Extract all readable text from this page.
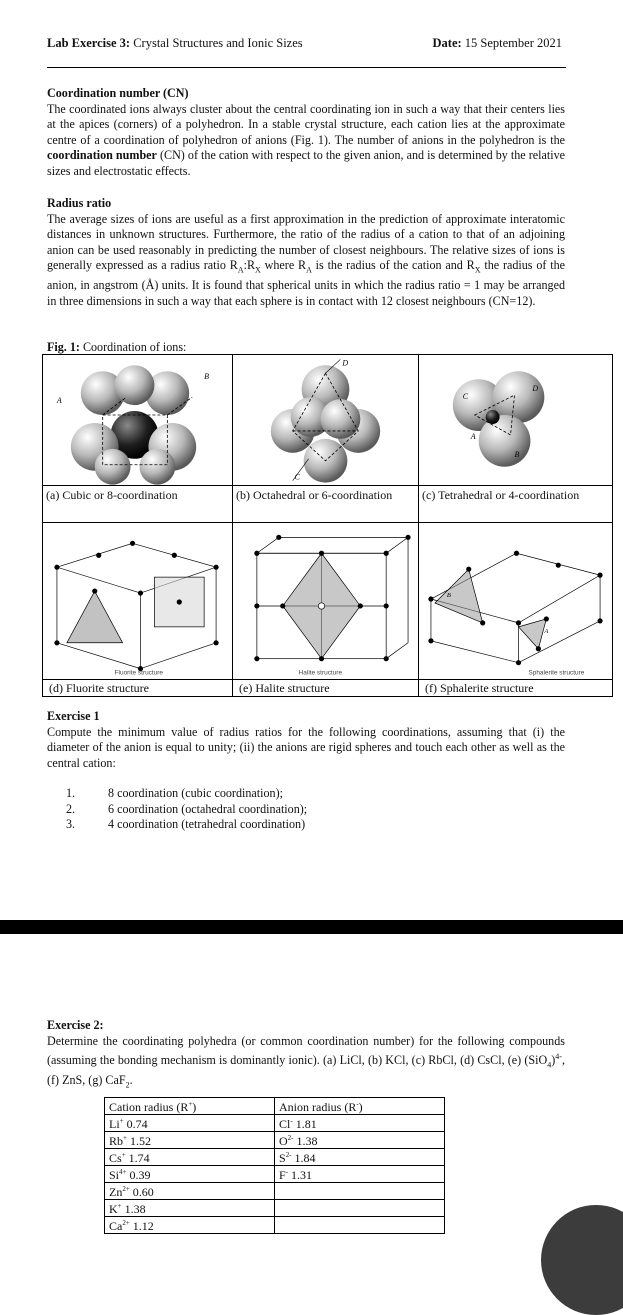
Lab Exercise 3: Crystal Structures and Ionic Sizes	Date: 15 September 2021
Coordination number (CN)

The coordinated ions always cluster about the central coordinating ion in such a way that their centers lies at the apices (corners) of a polyhedron. In a stable crystal structure, each cation lies at the approximate centre of a coordination of polyhedron of anions (Fig. 1). The number of anions in the polyhedron is the coordination number (CN) of the cation with respect to the given anion, and is determined by the relative sizes and electrostatic effects.

Radius ratio

The average sizes of ions are useful as a first approximation in the prediction of approximate interatomic distances in unknown structures. Furthermore, the ratio of the radius of a cation to that of an adjoining anion can be used reasonably in predicting the number of closest neighbours. The relative sizes of ions is generally expressed as a radius ratio $R_A:R_X$ where $R_A$ is the radius of the cation and $R_X$ the radius of the anion, in angstrom (Å) units. It is found that spherical units in which the radius ratio = 1 may be arranged in three dimensions in such a way that each sphere is in contact with 12 closest neighbours (CN=12).

Fig. 1: Coordination of ions:
A
B	D
C	C
D
A
B

(a) Cubic or 8-coordination	(b) Octahedral or 6-coordination	(c) Tetrahedral or 4-coordination

Fluorite structure	Halite structure	B
A
Sphalerite structure

(d) Fluorite structure	(e) Halite structure	(f) Sphalerite structure
Exercise 1

Compute the minimum value of radius ratios for the following coordinations, assuming that (i) the diameter of the anion is equal to unity; (ii) the anions are rigid spheres and touch each other as well as the central cation:

1.	8 coordination (cubic coordination);
2.	6 coordination (octahedral coordination);
3.	4 coordination (tetrahedral coordination)
Exercise 2:

Determine the coordinating polyhedra (or common coordination number) for the following compounds (assuming the bonding mechanism is dominantly ionic). (a) LiCl, (b) KCl, (c) RbCl, (d) CsCl, (e) $(SiO_4)^{4-}$, (f) ZnS, (g) CaF$_2$.

Cation radius (R+)	Anion radius (R-)
Li+ 0.74	Cl- 1.81
Rb+ 1.52	$O^{2-}$ 1.38
Cs+ 1.74	$S^{2-}$ 1.84
$Si^{4+}$ 0.39	F- 1.31
$Zn^{2+}$ 0.60	
K+ 1.38	
$Ca^{2+}$ 1.12	
